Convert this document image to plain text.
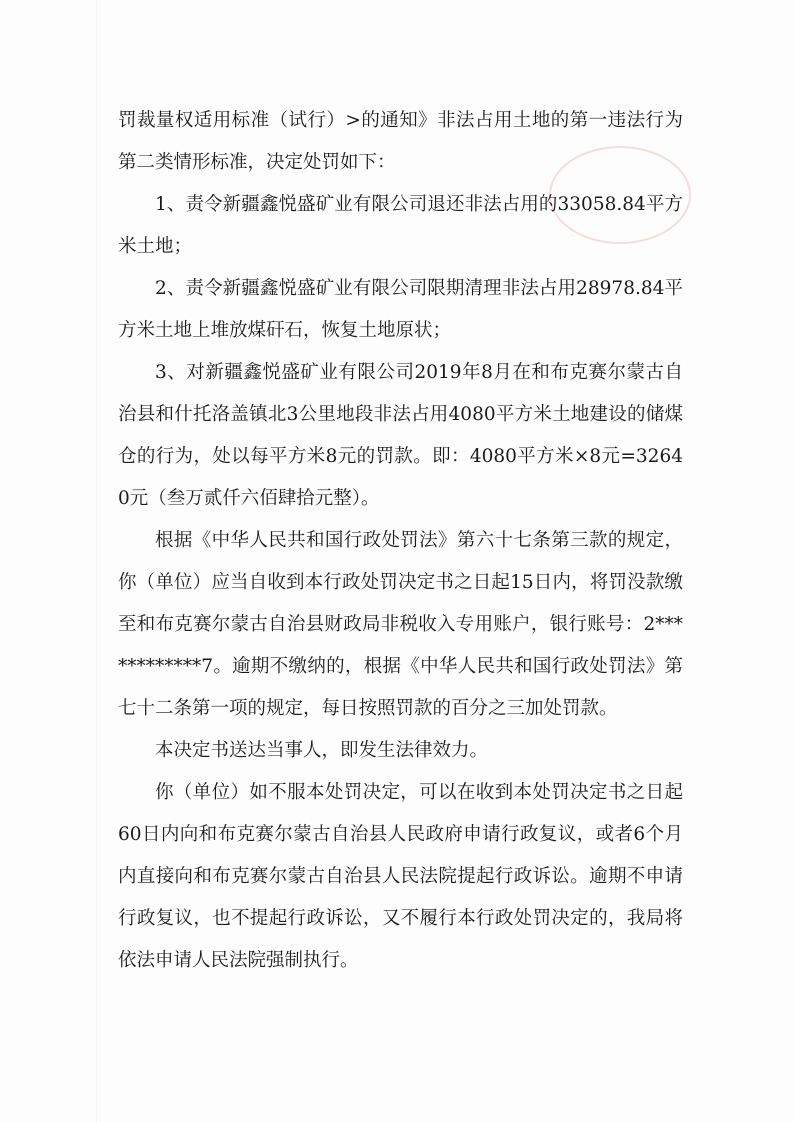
罚裁量权适用标准（试行）>的通知》非法占用土地的第一违法行为第二类情形标准，决定处罚如下：

1、责令新疆鑫悦盛矿业有限公司退还非法占用的33058.84平方米土地；

2、责令新疆鑫悦盛矿业有限公司限期清理非法占用28978.84平方米土地上堆放煤矸石，恢复土地原状；

3、对新疆鑫悦盛矿业有限公司2019年8月在和布克赛尔蒙古自治县和什托洛盖镇北3公里地段非法占用4080平方米土地建设的储煤仓的行为，处以每平方米8元的罚款。即：4080平方米×8元=32640元（叁万贰仟六佰肆拾元整）。

根据《中华人民共和国行政处罚法》第六十七条第三款的规定，你（单位）应当自收到本行政处罚决定书之日起15日内，将罚没款缴至和布克赛尔蒙古自治县财政局非税收入专用账户，银行账号：2************7。逾期不缴纳的，根据《中华人民共和国行政处罚法》第七十二条第一项的规定，每日按照罚款的百分之三加处罚款。

本决定书送达当事人，即发生法律效力。

你（单位）如不服本处罚决定，可以在收到本处罚决定书之日起60日内向和布克赛尔蒙古自治县人民政府申请行政复议，或者6个月内直接向和布克赛尔蒙古自治县人民法院提起行政诉讼。逾期不申请行政复议，也不提起行政诉讼，又不履行本行政处罚决定的，我局将依法申请人民法院强制执行。
